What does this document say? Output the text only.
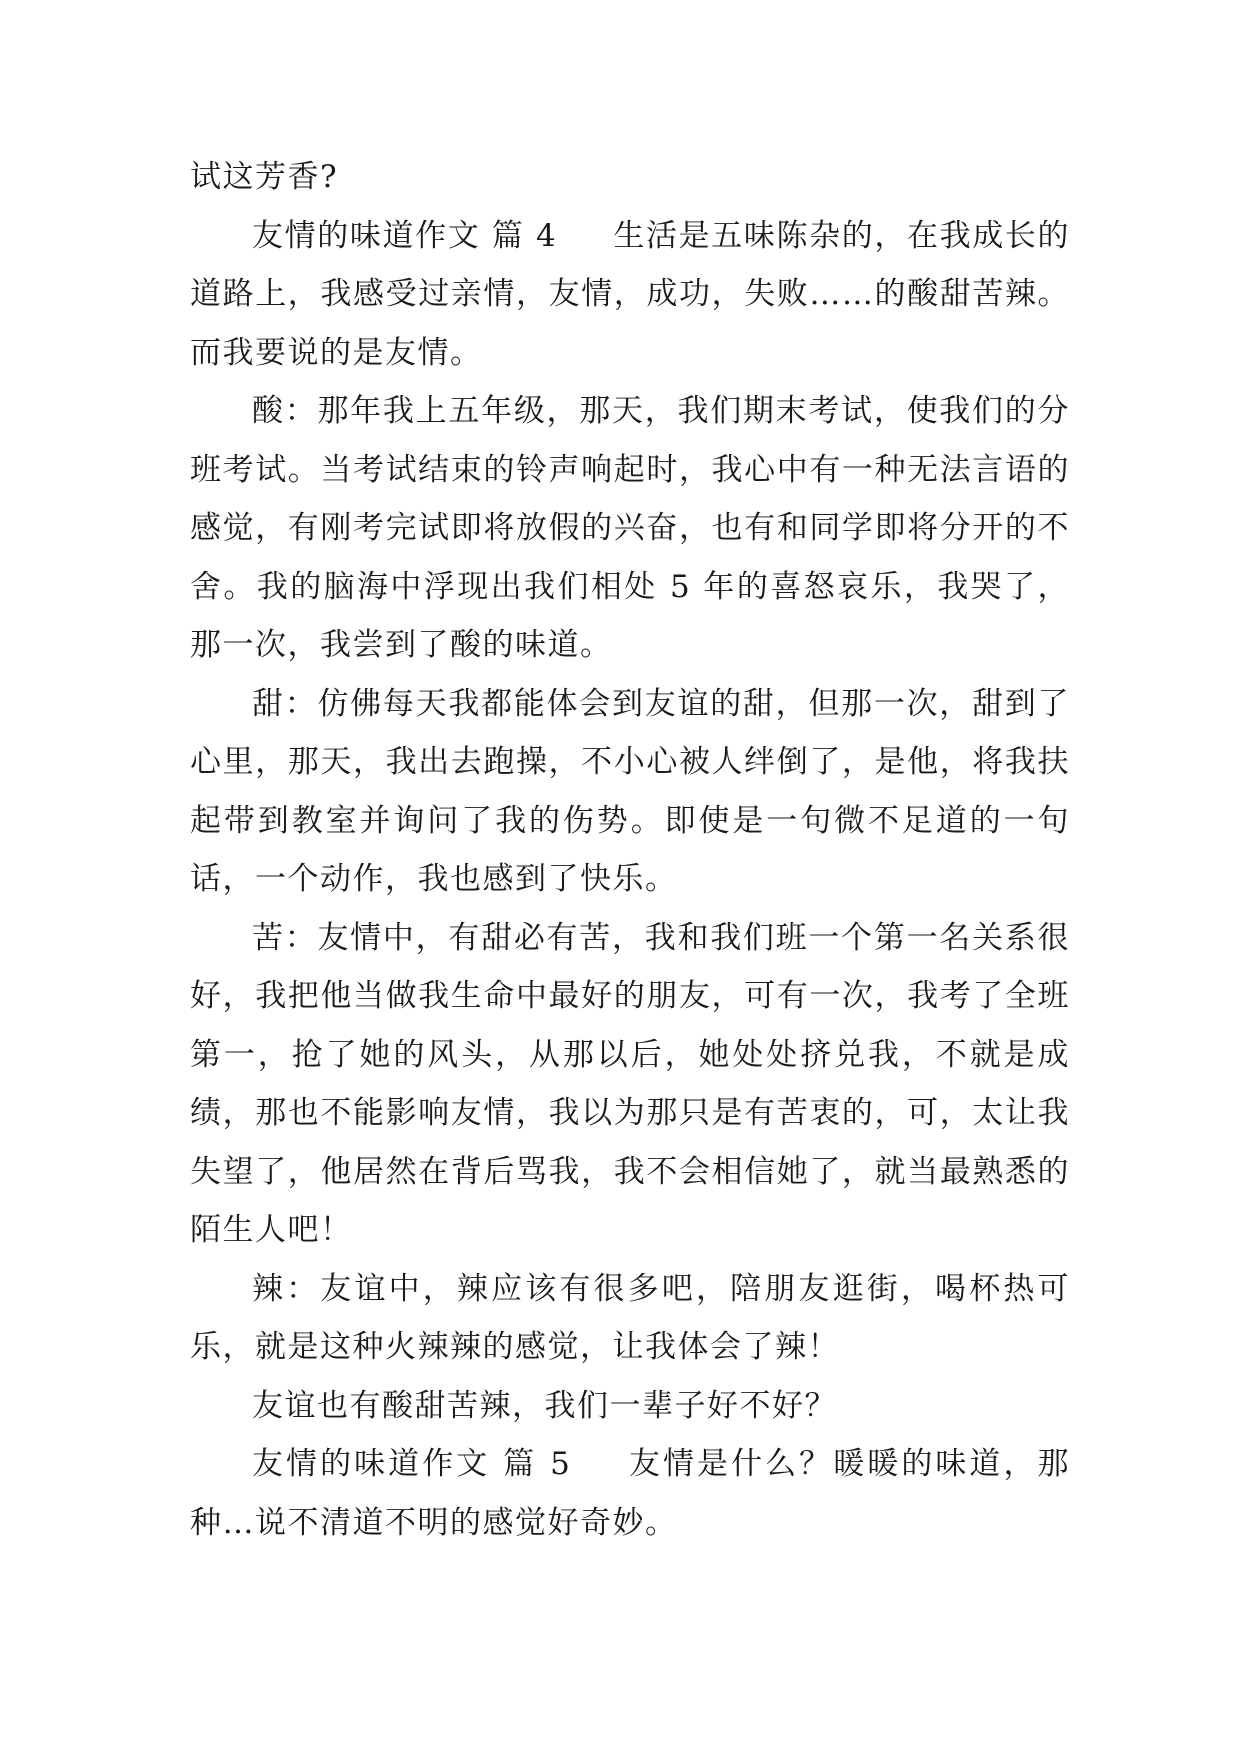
试这芳香?

友情的味道作文 篇 4 生活是五味陈杂的，在我成长的道路上，我感受过亲情，友情，成功，失败……的酸甜苦辣。而我要说的是友情。

酸：那年我上五年级，那天，我们期末考试，使我们的分班考试。当考试结束的铃声响起时，我心中有一种无法言语的感觉，有刚考完试即将放假的兴奋，也有和同学即将分开的不舍。我的脑海中浮现出我们相处 5 年的喜怒哀乐，我哭了，那一次，我尝到了酸的味道。

甜：仿佛每天我都能体会到友谊的甜，但那一次，甜到了心里，那天，我出去跑操，不小心被人绊倒了，是他，将我扶起带到教室并询问了我的伤势。即使是一句微不足道的一句话，一个动作，我也感到了快乐。

苦：友情中，有甜必有苦，我和我们班一个第一名关系很好，我把他当做我生命中最好的朋友，可有一次，我考了全班第一，抢了她的风头，从那以后，她处处挤兑我，不就是成绩，那也不能影响友情，我以为那只是有苦衷的，可，太让我失望了，他居然在背后骂我，我不会相信她了，就当最熟悉的陌生人吧！

辣：友谊中，辣应该有很多吧，陪朋友逛街，喝杯热可乐，就是这种火辣辣的感觉，让我体会了辣！

友谊也有酸甜苦辣，我们一辈子好不好？

友情的味道作文 篇 5 友情是什么？暖暖的味道，那种…说不清道不明的感觉好奇妙。
